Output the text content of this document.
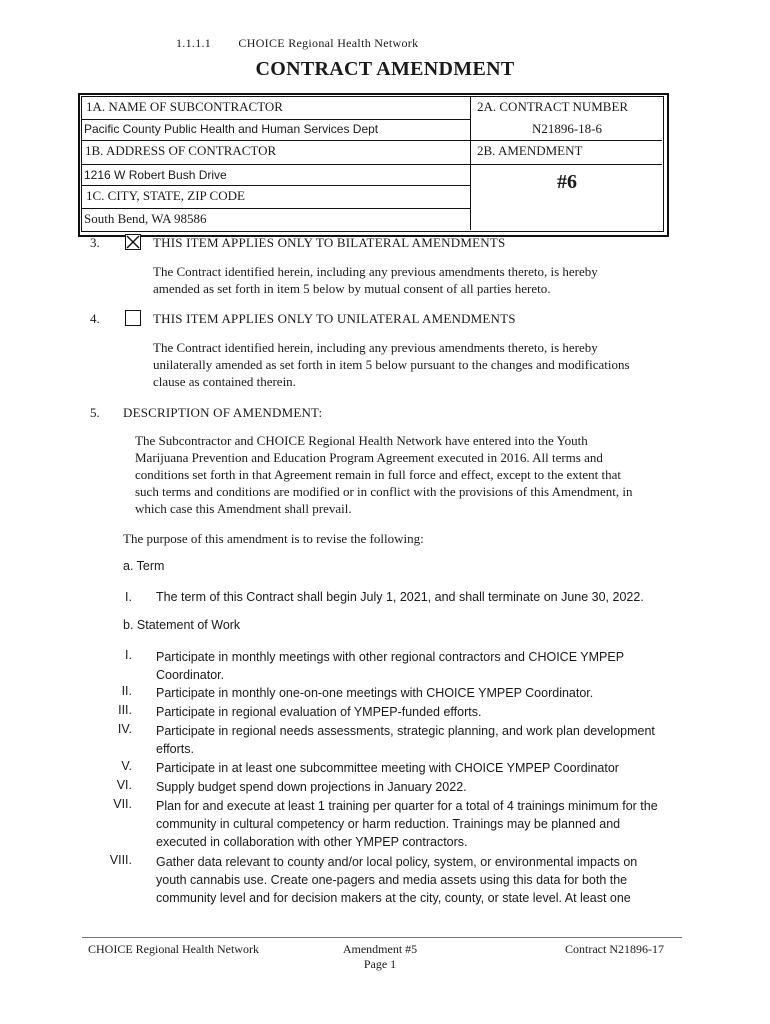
1.1.1.1 CHOICE Regional Health Network
CONTRACT AMENDMENT
1A. NAME OF SUBCONTRACTOR
Pacific County Public Health and Human Services Dept
1B. ADDRESS OF CONTRACTOR
1216 W Robert Bush Drive
1C. CITY, STATE, ZIP CODE
South Bend, WA 98586
2A. CONTRACT NUMBER
N21896-18-6
2B. AMENDMENT
#6
3.	THIS ITEM APPLIES ONLY TO BILATERAL AMENDMENTS
The Contract identified herein, including any previous amendments thereto, is hereby
amended as set forth in item 5 below by mutual consent of all parties hereto.
4.	THIS ITEM APPLIES ONLY TO UNILATERAL AMENDMENTS
The Contract identified herein, including any previous amendments thereto, is hereby
unilaterally amended as set forth in item 5 below pursuant to the changes and modifications
clause as contained therein.
5. DESCRIPTION OF AMENDMENT:
The Subcontractor and CHOICE Regional Health Network have entered into the Youth
Marijuana Prevention and Education Program Agreement executed in 2016. All terms and
conditions set forth in that Agreement remain in full force and effect, except to the extent that
such terms and conditions are modified or in conflict with the provisions of this Amendment, in
which case this Amendment shall prevail.
The purpose of this amendment is to revise the following:
a. Term
I. The term of this Contract shall begin July 1, 2021, and shall terminate on June 30, 2022.
b. Statement of Work
I. Participate in monthly meetings with other regional contractors and CHOICE YMPEP
Coordinator.
II. Participate in monthly one-on-one meetings with CHOICE YMPEP Coordinator.
III. Participate in regional evaluation of YMPEP-funded efforts.
IV. Participate in regional needs assessments, strategic planning, and work plan development
efforts.
V. Participate in at least one subcommittee meeting with CHOICE YMPEP Coordinator
VI. Supply budget spend down projections in January 2022.
VII. Plan for and execute at least 1 training per quarter for a total of 4 trainings minimum for the
community in cultural competency or harm reduction. Trainings may be planned and
executed in collaboration with other YMPEP contractors.
VIII. Gather data relevant to county and/or local policy, system, or environmental impacts on
youth cannabis use. Create one-pagers and media assets using this data for both the
community level and for decision makers at the city, county, or state level. At least one
CHOICE Regional Health Network	Amendment #5
Page 1
Contract N21896-17
